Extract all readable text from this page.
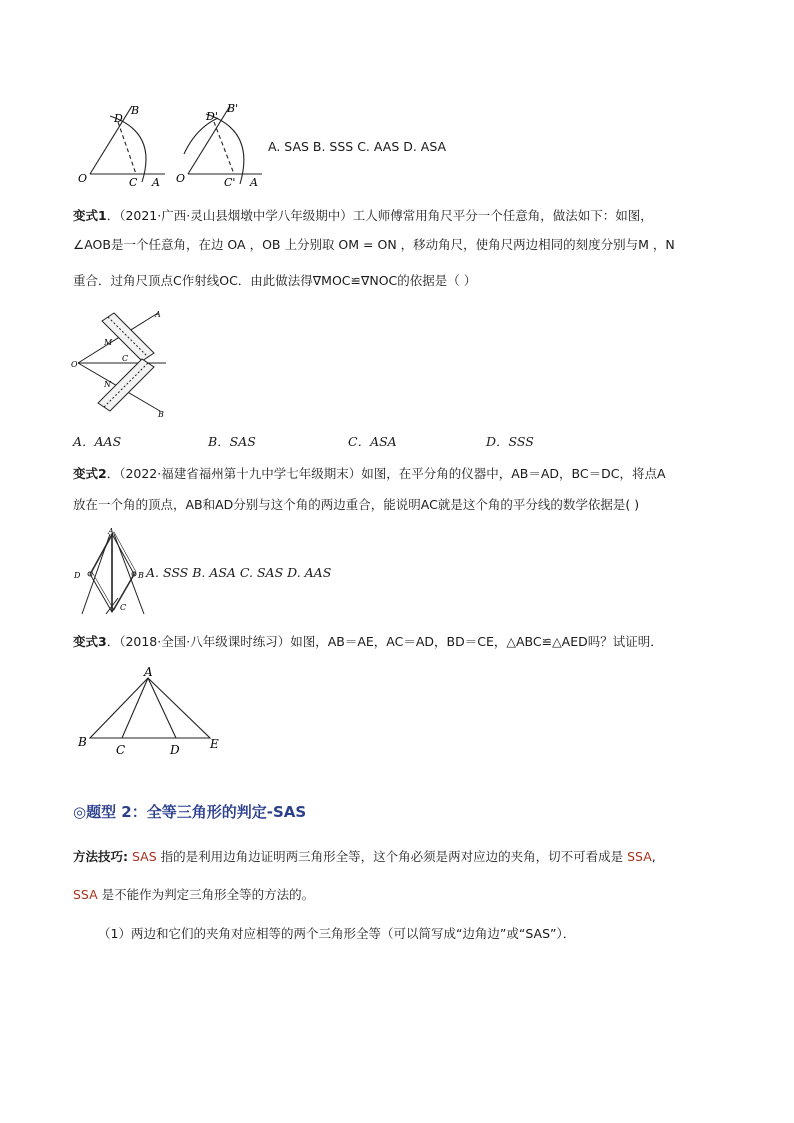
D
B
O	C A
D'
B'
O	C' A
A. SAS B. SSS C. AAS D. ASA
变式1．（2021·广西·灵山县烟墩中学八年级期中）工人师傅常用角尺平分一个任意角，做法如下：如图，
∠AOB是一个任意角，在边 OA ，OB 上分别取 OM = ON ，移动角尺，使角尺两边相同的刻度分别与M ，N
重合．过角尺顶点C作射线OC．由此做法得∇MOC≌∇NOC的依据是（ ）
A
M
C
O
N
B
A．AAS	B．SAS	C．ASA	D．SSS
变式2．（2022·福建省福州第十九中学七年级期末）如图，在平分角的仪器中，AB＝AD，BC＝DC，将点A
放在一个角的顶点，AB和AD分别与这个角的两边重合，能说明AC就是这个角的平分线的数学依据是( )
A
D	B
C
A. SSS B. ASA C. SAS D. AAS
变式3．（2018·全国·八年级课时练习）如图，AB＝AE，AC＝AD，BD＝CE，△ABC≌△AED吗？试证明．
A
B
C	D	E
◎题型 2：全等三角形的判定-SAS
方法技巧: SAS 指的是利用边角边证明两三角形全等，这个角必须是两对应边的夹角，切不可看成是 SSA,
SSA 是不能作为判定三角形全等的方法的。
（1）两边和它们的夹角对应相等的两个三角形全等（可以简写成“边角边”或“SAS”）．
